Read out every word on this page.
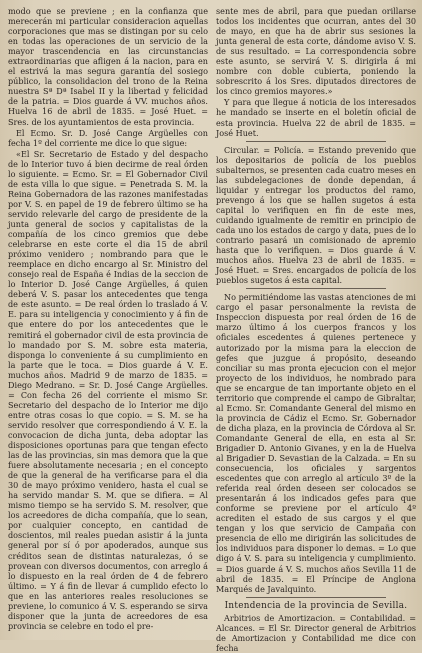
modo que se previene ; en la confianza que merecerán mi particular consideracion aquellas corporaciones que mas se distingan por su celo en todas las operaciones de un servicio de la mayor trascendencia en las circunstancias extraordinarias que afligen á la nacion, para en el estrivá la mas segura garantía del sosiego público, la consolidacion del trono de la Reina nuestra Sª Dª Isabel II y la libertad y felicidad de la patria. = Dios guarde á VV. muchos años. Huelva 16 de abril de 1835. = José Huet. = Sres. de los ayuntamientos de esta provincia.

El Ecmo. Sr. D. José Cange Argüelles con fecha 1º del corriente me dice lo que sigue:

«El Sr. Secretario de Estado y del despacho de lo Interior tuvo á bien decirme de real órden lo siguiente. = Ecmo. Sr. = El Gobernador Civil de esta villa lo que sigue. = Penetrada S. M. la Reina Gobernadora de las razones manifestadas por V. S. en papel de 19 de febrero último se ha servido relevarle del cargo de presidente de la junta general de socios y capitalistas de la compañía de los cinco gremios que debe celebrarse en este corte el dia 15 de abril próximo venidero ; nombrando para que le reemplace en dicho encargo al Sr. Ministro del consejo real de España é Indias de la seccion de lo Interior D. José Cange Argüelles, á quien deberá V. S. pasar los antecedentes que tenga de este asunto. = De real órden lo traslado á V. E. para su inteligencia y conocimiento y á fin de que entere do por los antecedentes que le remitirá el gobernador civil de esta provincia de lo mandado por S. M. sobre esta materia, disponga lo conveniente á su cumplimiento en la parte que le toca. = Dios guarde á V. E. muchos años. Madrid 9 de marzo de 1835. = Diego Medrano. = Sr. D. José Cange Argüelles. = Con fecha 26 del corriente el mismo Sr. Secretario del despacho de lo Interior me dijo entre otras cosas lo que copio. = S. M. se ha servido resolver que correspondiendo á V. E. la convocacion de dicha junta, deba adoptar las disposiciones oportunas para que tengan efecto las de las provincias, sin mas demora que la que fuere absolutamente necesaria ; en el concepto de que la general de ha verificarse para el dia 30 de mayo próximo venidero, hasta el cual se ha servido mandar S. M. que se difiera. = Al mismo tiempo se ha servido S. M. resolver, que los acreedores de dicha compañía, que lo sean, por cualquier concepto, en cantidad de doscientos, mil reales puedan asistir á la junta general por sí ó por apoderados, aunque sus créditos sean de distintas naturalezas, ó se provean con diversos documentos, con arreglo á lo dispuesto en la real órden de 4 de febrero último. = Y á fin de llevar á cumplido efecto lo que en las anteriores reales resoluciones se previene, lo comunico á V. S. esperando se sirva disponer que la junta de acreedores de esa provincia se celebre en todo el pre-

sente mes de abril, para que puedan orillarse todos los incidentes que ocurran, antes del 30 de mayo, en que ha de abrir sus sesiones la junta general de esta corte, dándome aviso V. S. de sus resultado. = La correspondencia sobre este asunto, se servirá V. S. dirigirla á mi nombre con doble cubierta, poniendo la sobrescrito á los Sres. diputados directores de los cinco gremios mayores.»

Y para que llegue á noticia de los interesados he mandado se inserte en el boletín oficial de esta provincia. Huelva 22 de abril de 1835. = José Huet.

Circular. = Policía. = Estando prevenido que los depositarios de policía de los pueblos subalternos, se presenten cada cuatro meses en las subdelegaciones de donde dependan, á liquidar y entregar los productos del ramo, prevengo á los que se hallen sugetos á esta capital lo verifiquen en fin de este mes, cuidando igualmente de remitir en principio de cada uno los estados de cargo y data, pues de lo contrario pasará un comisionado de apremio hasta que lo verifiquen. = Dios guarde á V. muchos años. Huelva 23 de abril de 1835. = José Huet. = Sres. encargados de policía de los pueblos sugetos á esta capital.

No permitiéndome las vastas atenciones de mi cargo el pasar personalmente la revista de Inspeccion dispuesta por real órden de 16 de marzo último á los cuerpos francos y los oficiales escedentes á quienes pertenece y autorizado por la misma para la eleccion de gefes que juzgue á propósito, deseando conciliar su mas pronta ejecucion con el mejor proyecto de los individuos, he nombrado para que se encargue de tan importante objeto en el territorio que comprende el campo de Gibraltar, al Ecmo. Sr. Comandante General del mismo en la provincia de Cádiz el Ecmo. Sr. Gobernador de dicha plaza, en la provincia de Córdova al Sr. Comandante General de ella, en esta al Sr. Brigadier D. Antonio Givanes, y en la de Huelva al Brigadier D. Sevastian de la Calzada. = En su consecuencia, los oficiales y sargentos escedentes que con arreglo al artículo 3º de la referida real órden deseen ser colocados se presentarán á los indicados gefes para que conforme se previene por el artículo 4º acrediten el estado de sus cargos y el que tengan y los que servicio de Campaña con presencia de ello me dirigirán las solicitudes de los individuos para disponer lo demas. = Lo que digo á V. S. para su inteligencia y cumplimiento. = Dios guarde á V. S. muchos años Sevilla 11 de abril de 1835. = El Príncipe de Anglona Marqués de Javalquinto.

Intendencia de la provincia de Sevilla.

Arbitrios de Amortizacion. = Contabilidad. = Alcances. = El Sr. Director general de Arbitrios de Amortizacion y Contabilidad me dice con fecha
